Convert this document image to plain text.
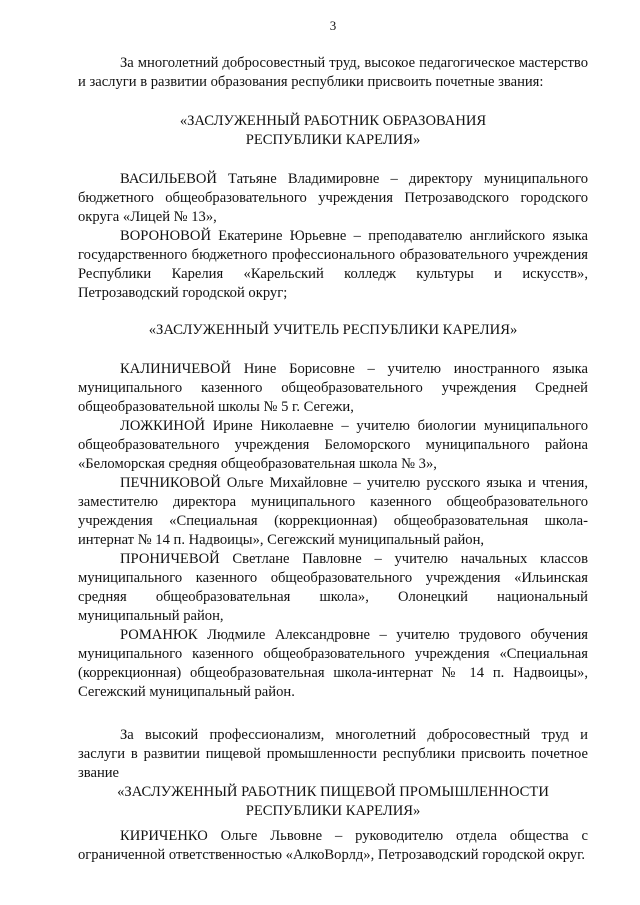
3

За многолетний добросовестный труд, высокое педагогическое мастерство и заслуги в развитии образования республики присвоить почетные звания:

«ЗАСЛУЖЕННЫЙ РАБОТНИК ОБРАЗОВАНИЯ
РЕСПУБЛИКИ КАРЕЛИЯ»

ВАСИЛЬЕВОЙ Татьяне Владимировне – директору муниципального бюджетного общеобразовательного учреждения Петрозаводского городского округа «Лицей № 13»,

ВОРОНОВОЙ Екатерине Юрьевне – преподавателю английского языка государственного бюджетного профессионального образовательного учреждения Республики Карелия «Карельский колледж культуры и искусств», Петрозаводский городской округ;

«ЗАСЛУЖЕННЫЙ УЧИТЕЛЬ РЕСПУБЛИКИ КАРЕЛИЯ»

КАЛИНИЧЕВОЙ Нине Борисовне – учителю иностранного языка муниципального казенного общеобразовательного учреждения Средней общеобразовательной школы № 5 г. Сегежи,

ЛОЖКИНОЙ Ирине Николаевне – учителю биологии муниципального общеобразовательного учреждения Беломорского муниципального района «Беломорская средняя общеобразовательная школа № 3»,

ПЕЧНИКОВОЙ Ольге Михайловне – учителю русского языка и чтения, заместителю директора муниципального казенного общеобразовательного учреждения «Специальная (коррекционная) общеобразовательная школа-интернат № 14 п. Надвоицы», Сегежский муниципальный район,

ПРОНИЧЕВОЙ Светлане Павловне – учителю начальных классов муниципального казенного общеобразовательного учреждения «Ильинская средняя общеобразовательная школа», Олонецкий национальный муниципальный район,

РОМАНЮК Людмиле Александровне – учителю трудового обучения муниципального казенного общеобразовательного учреждения «Специальная (коррекционная) общеобразовательная школа-интернат № 14 п. Надвоицы», Сегежский муниципальный район.

За высокий профессионализм, многолетний добросовестный труд и заслуги в развитии пищевой промышленности республики присвоить почетное звание

«ЗАСЛУЖЕННЫЙ РАБОТНИК ПИЩЕВОЙ ПРОМЫШЛЕННОСТИ
РЕСПУБЛИКИ КАРЕЛИЯ»

КИРИЧЕНКО Ольге Львовне – руководителю отдела общества с ограниченной ответственностью «АлкоВорлд», Петрозаводский городской округ.
